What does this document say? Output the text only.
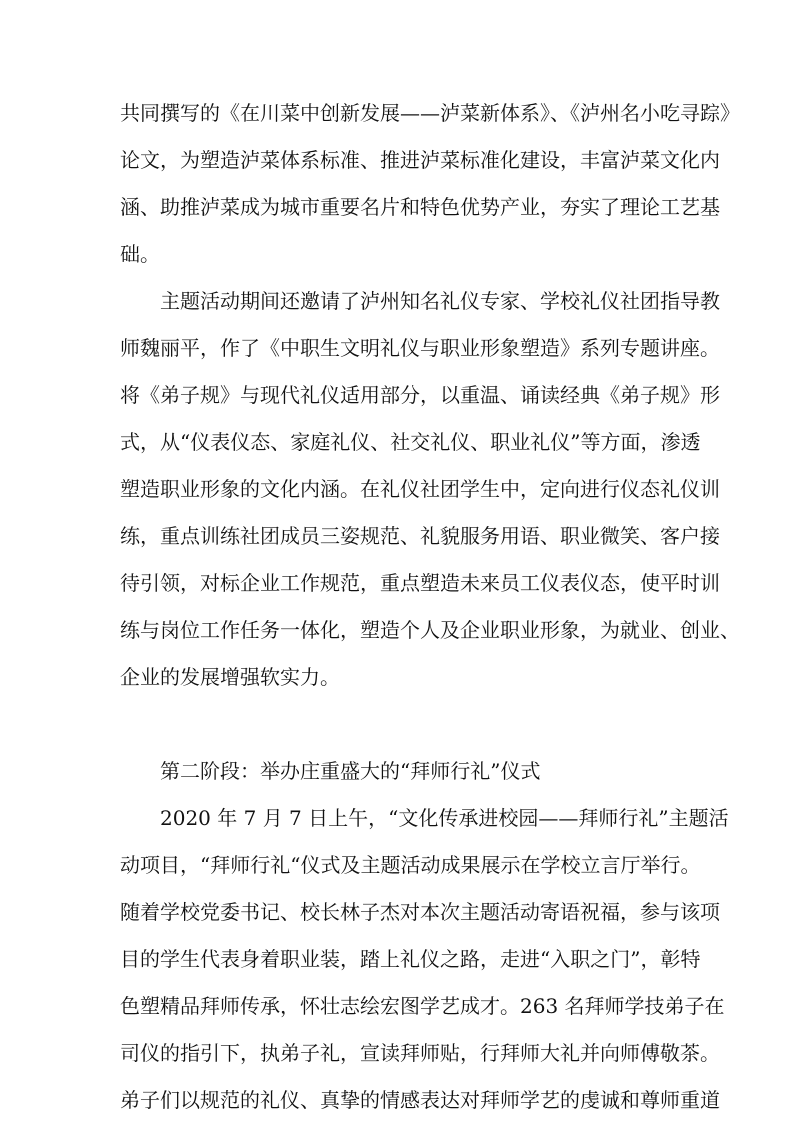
共同撰写的《在川菜中创新发展——泸菜新体系》、《泸州名小吃寻踪》
论文，为塑造泸菜体系标准、推进泸菜标准化建设，丰富泸菜文化内
涵、助推泸菜成为城市重要名片和特色优势产业，夯实了理论工艺基
础。
主题活动期间还邀请了泸州知名礼仪专家、学校礼仪社团指导教
师魏丽平，作了《中职生文明礼仪与职业形象塑造》系列专题讲座。
将《弟子规》与现代礼仪适用部分，以重温、诵读经典《弟子规》形
式，从“仪表仪态、家庭礼仪、社交礼仪、职业礼仪”等方面，渗透
塑造职业形象的文化内涵。在礼仪社团学生中，定向进行仪态礼仪训
练，重点训练社团成员三姿规范、礼貌服务用语、职业微笑、客户接
待引领，对标企业工作规范，重点塑造未来员工仪表仪态，使平时训
练与岗位工作任务一体化，塑造个人及企业职业形象，为就业、创业、
企业的发展增强软实力。
第二阶段：举办庄重盛大的“拜师行礼”仪式
2020 年 7 月 7 日上午，“文化传承进校园——拜师行礼”主题活
动项目，“拜师行礼“仪式及主题活动成果展示在学校立言厅举行。
随着学校党委书记、校长林子杰对本次主题活动寄语祝福，参与该项
目的学生代表身着职业装，踏上礼仪之路，走进“入职之门”，彰特
色塑精品拜师传承，怀壮志绘宏图学艺成才。263 名拜师学技弟子在
司仪的指引下，执弟子礼，宣读拜师贴，行拜师大礼并向师傅敬茶。
弟子们以规范的礼仪、真挚的情感表达对拜师学艺的虔诚和尊师重道
